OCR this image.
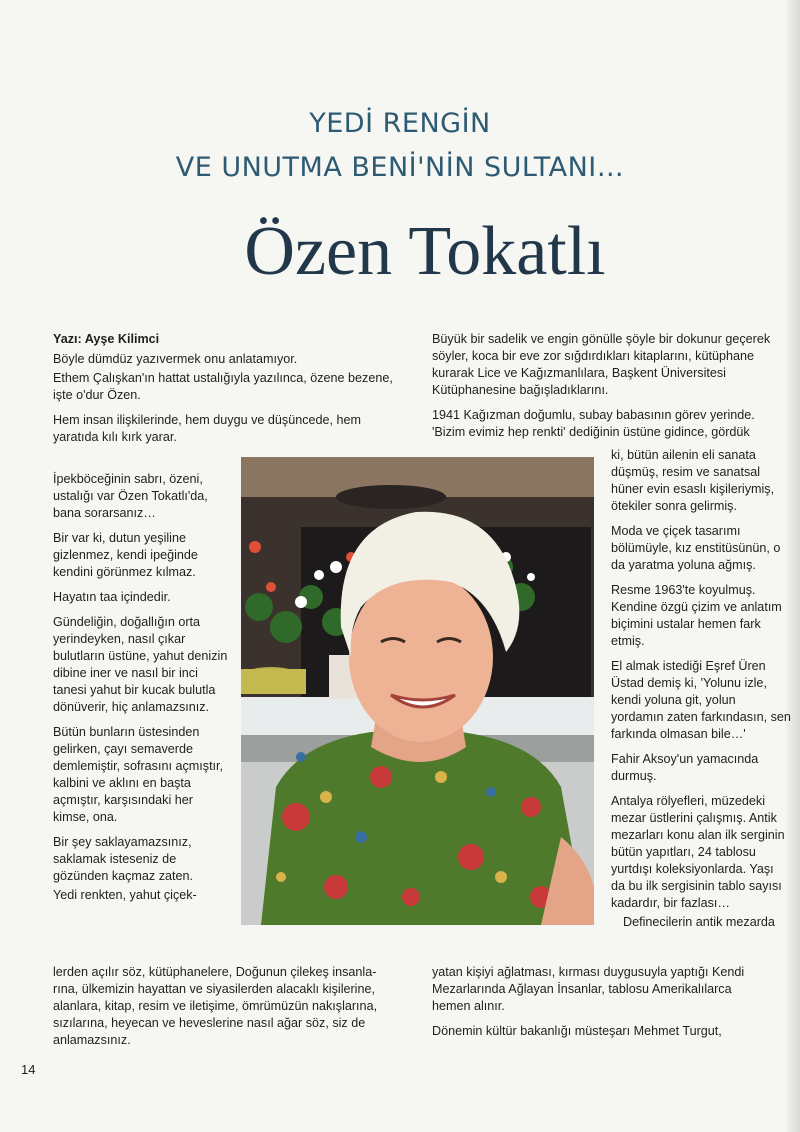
YEDİ RENGİN
VE UNUTMA BENİ'NİN SULTANI…
Özen Tokatlı

Yazı: Ayşe Kilimci

Böyle dümdüz yazıvermek onu anlatamıyor.

Ethem Çalışkan'ın hattat ustalığıyla yazılınca, özene bezene, işte o'dur Özen.

Hem insan ilişkilerinde, hem duygu ve düşüncede, hem yaratıda kılı kırk yarar.

İpekböceğinin sabrı, özeni, ustalığı var Özen Tokatlı'da, bana sorarsanız…

Bir var ki, dutun yeşiline gizlenmez, kendi ipeğinde kendini görünmez kılmaz.

Hayatın taa içindedir.

Gündeliğin, doğallığın orta yerindeyken, nasıl çıkar bulutların üstüne, yahut denizin dibine iner ve nasıl bir inci tanesi yahut bir kucak bulutla dönüverir, hiç anlamazsınız.

Bütün bunların üstesinden gelirken, çayı semaverde demlemiştir, sofrasını açmıştır, kalbini ve aklını en başta açmıştır, karşısındaki her kimse, ona.

Bir şey saklayamazsınız, saklamak isteseniz de gözünden kaçmaz zaten.

Yedi renkten, yahut çiçek-
lerden açılır söz, kütüphanelere, Doğunun çilekeş insanla-
rına, ülkemizin hayattan ve siyasilerden alacaklı kişilerine,
alanlara, kitap, resim ve iletişime, ömrümüzün nakışlarına,
sızılarına, heyecan ve heveslerine nasıl ağar söz, siz de
anlamazsınız.

Büyük bir sadelik ve engin gönülle şöyle bir dokunur geçerek söyler, koca bir eve zor sığdırdıkları kitaplarını, kütüphane kurarak Lice ve Kağızmanlılara, Başkent Üniversitesi Kütüphanesine bağışladıklarını.

1941 Kağızman doğumlu, subay babasının görev yerinde.
'Bizim evimiz hep renkti' dediğinin üstüne gidince, gördük

ki, bütün ailenin eli sanata düşmüş, resim ve sanatsal hüner evin esaslı kişileriymiş, ötekiler sonra gelirmiş.

Moda ve çiçek tasarımı bölümüyle, kız enstitüsünün, o da yaratma yoluna ağmış.

Resme 1963'te koyulmuş. Kendine özgü çizim ve anlatım biçimini ustalar hemen fark etmiş.

El almak istediği Eşref Üren Üstad demiş ki, 'Yolunu izle, kendi yoluna git, yolun yordamın zaten farkındasın, sen farkında olmasan bile…'

Fahir Aksoy'un yamacında durmuş.

Antalya rölyefleri, müzedeki mezar üstlerini çalışmış. Antik mezarları konu alan ilk serginin bütün yapıtları, 24 tablosu yurtdışı koleksiyonlarda. Yaşı da bu ilk sergisinin tablo sayısı kadardır, bir fazlası…

Definecilerin antik mezarda
yatan kişiyi ağlatması, kırması duygusuyla yaptığı Kendi
Mezarlarında Ağlayan İnsanlar, tablosu Amerikalılarca
hemen alınır.
Dönemin kültür bakanlığı müsteşarı Mehmet Turgut,
14
